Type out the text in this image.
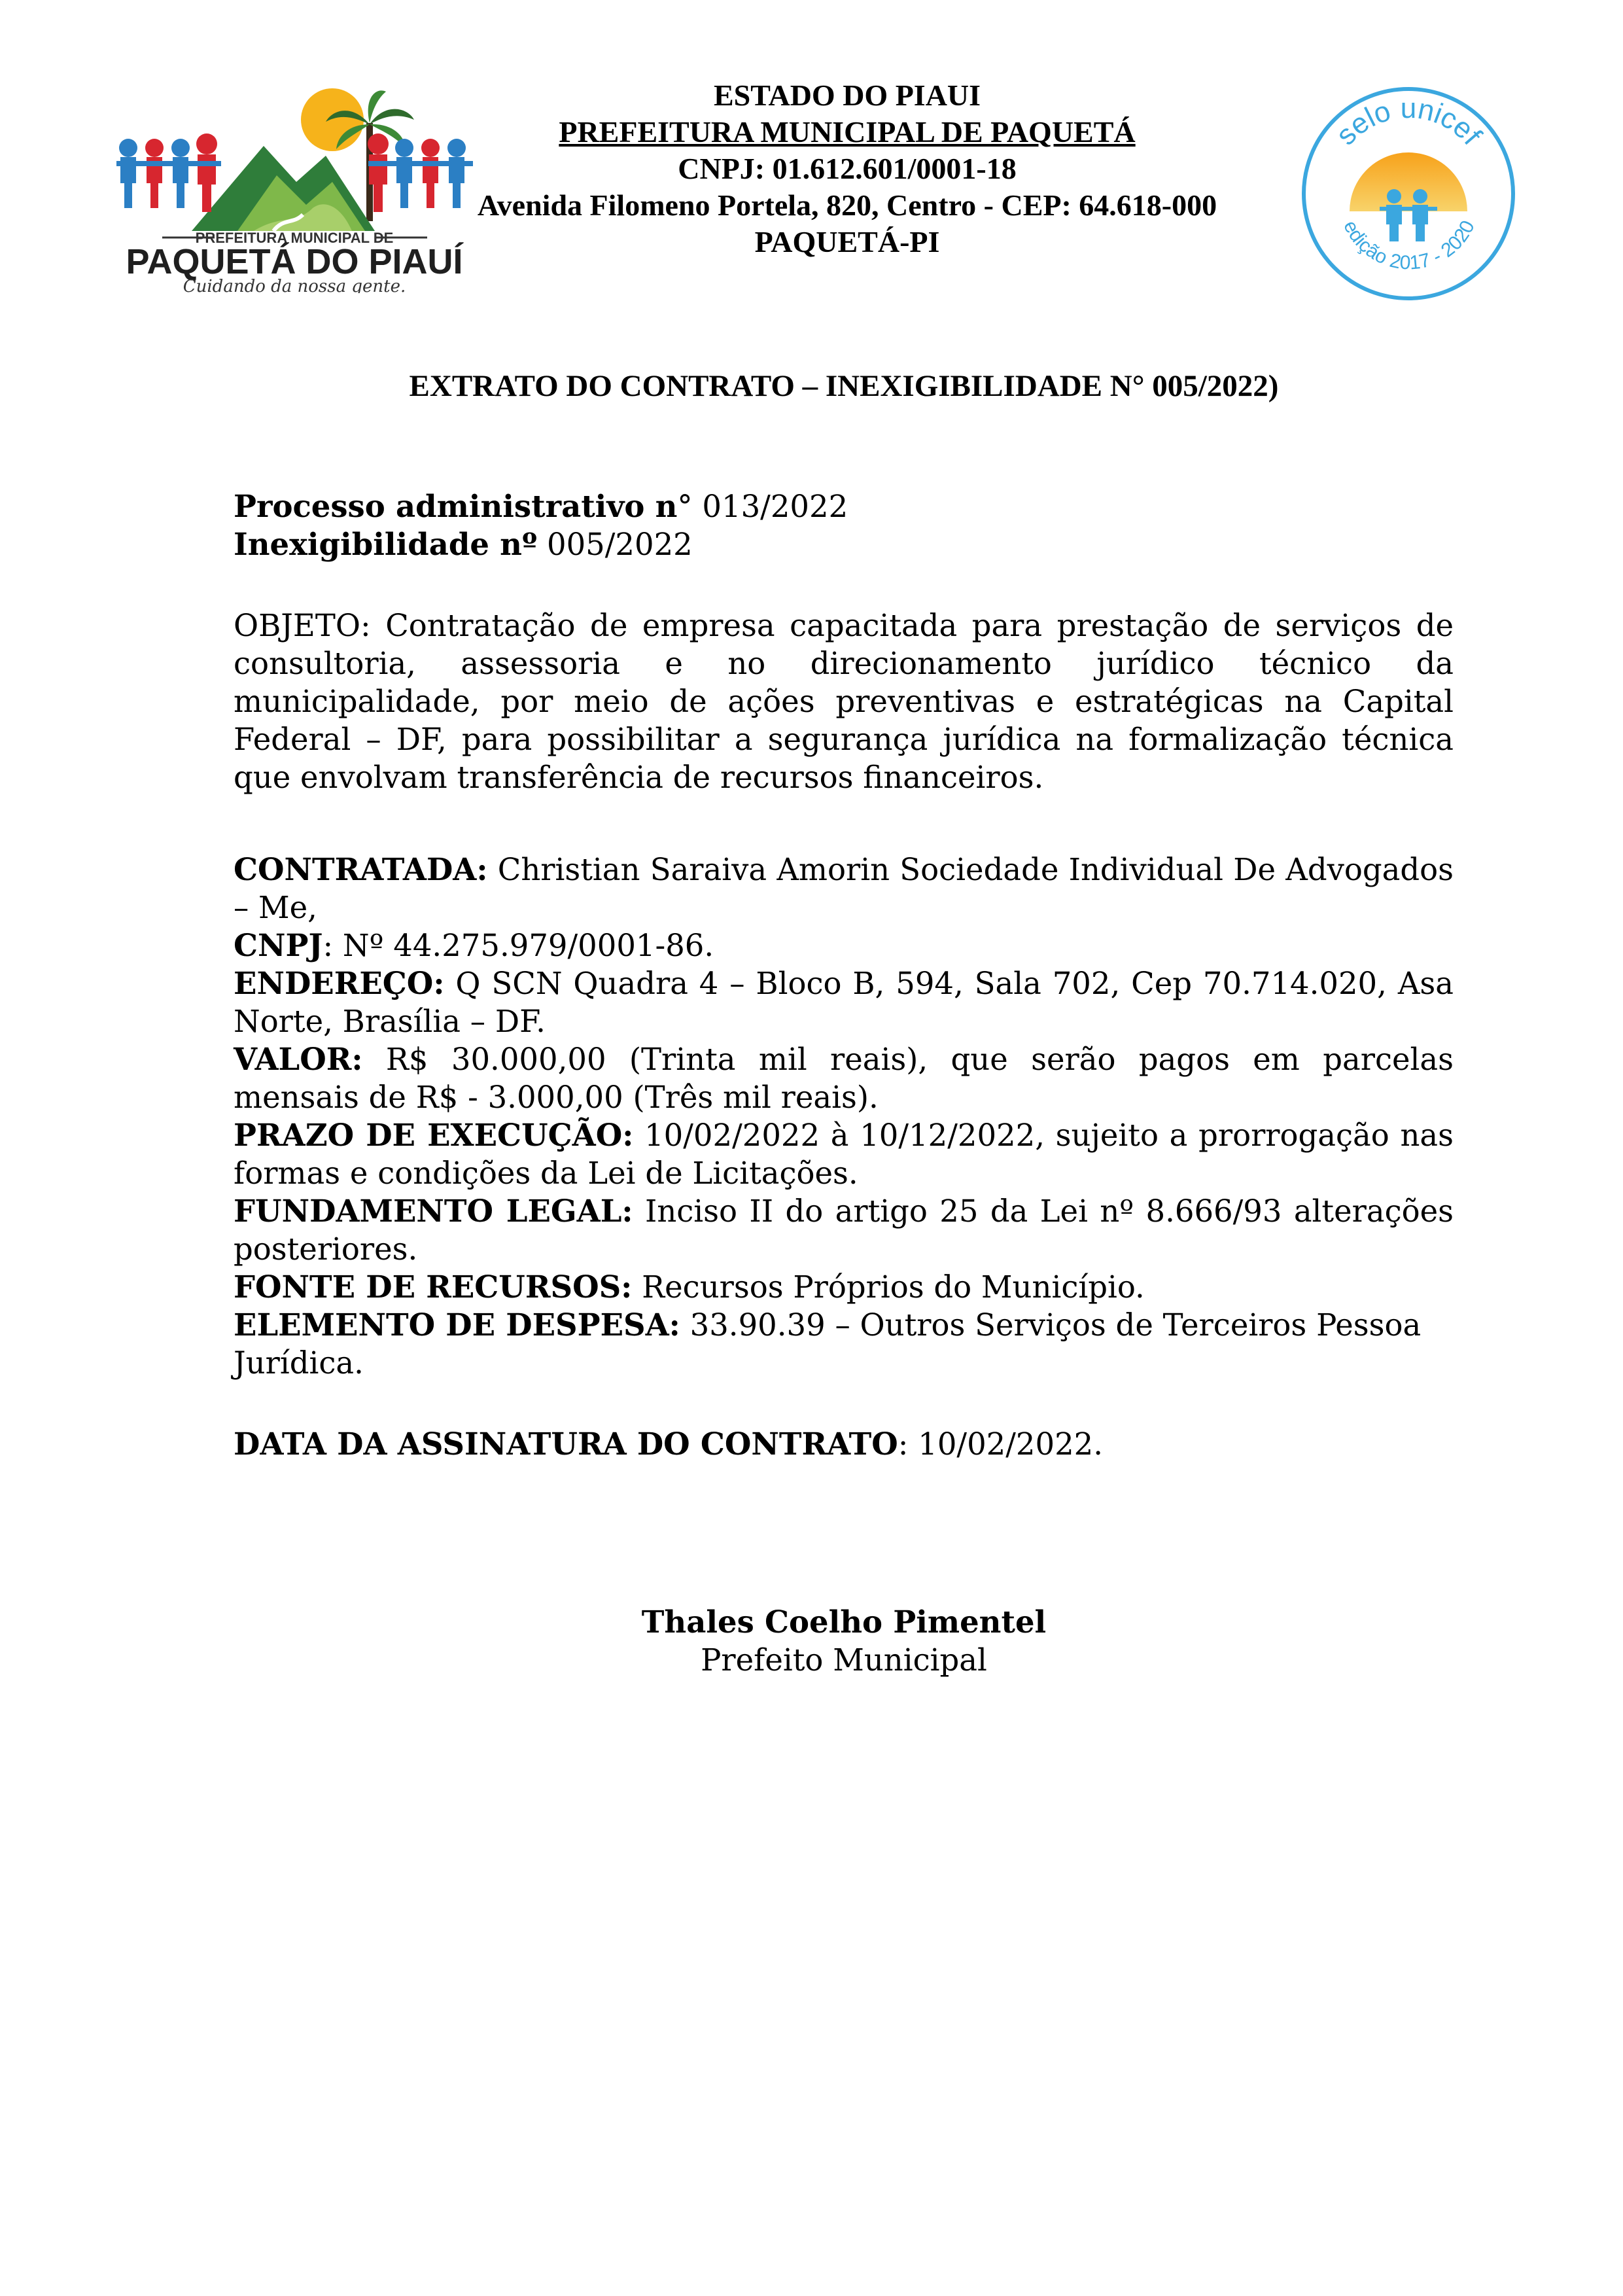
PREFEITURA MUNICIPAL DE
PAQUETÁ DO PIAUÍ
Cuidando da nossa gente.
ESTADO DO PIAUI
PREFEITURA MUNICIPAL DE PAQUETÁ
CNPJ: 01.612.601/0001-18
Avenida Filomeno Portela, 820, Centro - CEP: 64.618-000
PAQUETÁ-PI
selo unicef
edição 2017 - 2020
EXTRATO DO CONTRATO – INEXIGIBILIDADE N° 005/2022)

Processo administrativo n° 013/2022

Inexigibilidade nº 005/2022

OBJETO: Contratação de empresa capacitada para prestação de serviços de consultoria, assessoria e no direcionamento jurídico técnico da municipalidade, por meio de ações preventivas e estratégicas na Capital Federal – DF, para possibilitar a segurança jurídica na formalização técnica que envolvam transferência de recursos financeiros.

CONTRATADA: Christian Saraiva Amorin Sociedade Individual De Advogados – Me,

CNPJ: Nº 44.275.979/0001-86.

ENDEREÇO: Q SCN Quadra 4 – Bloco B, 594, Sala 702, Cep 70.714.020, Asa Norte, Brasília – DF.

VALOR: R$ 30.000,00 (Trinta mil reais), que serão pagos em parcelas mensais de R$ - 3.000,00 (Três mil reais).

PRAZO DE EXECUÇÃO: 10/02/2022 à 10/12/2022, sujeito a prorrogação nas formas e condições da Lei de Licitações.

FUNDAMENTO LEGAL: Inciso II do artigo 25 da Lei nº 8.666/93 alterações posteriores.

FONTE DE RECURSOS: Recursos Próprios do Município.

ELEMENTO DE DESPESA: 33.90.39 – Outros Serviços de Terceiros Pessoa Jurídica.

DATA DA ASSINATURA DO CONTRATO: 10/02/2022.

Thales Coelho Pimentel
Prefeito Municipal
